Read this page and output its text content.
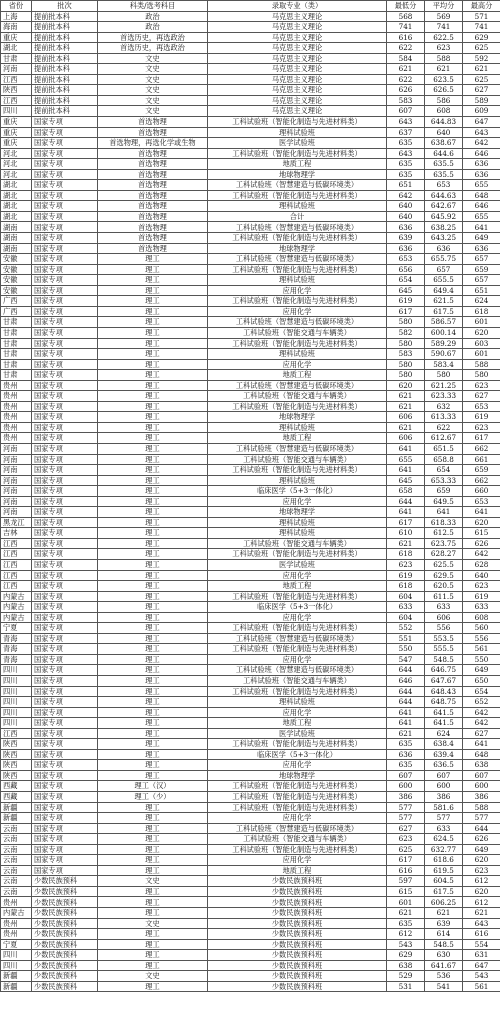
省份	批次	科类/选考科目	录取专业（类）	最低分	平均分	最高分
上海	提前批本科	政治	马克思主义理论	568	569	571
海南	提前批本科	政治	马克思主义理论	741	741	741
重庆	提前批本科	首选历史，再选政治	马克思主义理论	616	622.5	629
湖北	提前批本科	首选历史，再选政治	马克思主义理论	622	623	625
甘肃	提前批本科	文史	马克思主义理论	584	588	592
河南	提前批本科	文史	马克思主义理论	621	621	621
江西	提前批本科	文史	马克思主义理论	622	623.5	625
陕西	提前批本科	文史	马克思主义理论	626	626.5	627
江西	提前批本科	文史	马克思主义理论	583	586	589
四川	提前批本科	文史	马克思主义理论	607	608	609
重庆	国家专项	首选物理	工科试验班（智能化制造与先进材料类）	643	644.83	647
重庆	国家专项	首选物理	理科试验班	637	640	643
重庆	国家专项	首选物理，再选化学或生物	医学试验班	635	638.67	642
河北	国家专项	首选物理	工科试验班（智能化制造与先进材料类）	643	644.6	646
河北	国家专项	首选物理	地质工程	635	635.5	636
河北	国家专项	首选物理	地球物理学	635	635.5	636
湖北	国家专项	首选物理	工科试验班（智慧建造与低碳环境类）	651	653	655
湖北	国家专项	首选物理	工科试验班（智能化制造与先进材料类）	642	644.63	648
湖北	国家专项	首选物理	理科试验班	640	642.67	646
湖北	国家专项	首选物理	合计	640	645.92	655
湖南	国家专项	首选物理	工科试验班（智慧建造与低碳环境类）	636	638.25	641
湖南	国家专项	首选物理	工科试验班（智能化制造与先进材料类）	639	643.25	649
湖南	国家专项	首选物理	地球物理学	636	636	636
安徽	国家专项	理工	工科试验班（智慧建造与低碳环境类）	653	655.75	657
安徽	国家专项	理工	工科试验班（智能化制造与先进材料类）	656	657	659
安徽	国家专项	理工	理科试验班	654	655.5	657
安徽	国家专项	理工	应用化学	645	649.4	651
广西	国家专项	理工	工科试验班（智能化制造与先进材料类）	619	621.5	624
广西	国家专项	理工	应用化学	617	617.5	618
甘肃	国家专项	理工	工科试验班（智慧建造与低碳环境类）	580	586.57	601
甘肃	国家专项	理工	工科试验班（智能交通与车辆类）	582	600.14	620
甘肃	国家专项	理工	工科试验班（智能化制造与先进材料类）	580	589.29	603
甘肃	国家专项	理工	理科试验班	583	590.67	601
甘肃	国家专项	理工	应用化学	580	583.4	588
甘肃	国家专项	理工	地质工程	580	580	580
贵州	国家专项	理工	工科试验班（智慧建造与低碳环境类）	620	621.25	623
贵州	国家专项	理工	工科试验班（智能交通与车辆类）	621	623.33	627
贵州	国家专项	理工	工科试验班（智能化制造与先进材料类）	621	632	653
贵州	国家专项	理工	地球物理学	606	613.33	619
贵州	国家专项	理工	理科试验班	621	622	623
贵州	国家专项	理工	地质工程	606	612.67	617
河南	国家专项	理工	工科试验班（智慧建造与低碳环境类）	641	651.5	662
河南	国家专项	理工	工科试验班（智能交通与车辆类）	655	658.8	661
河南	国家专项	理工	工科试验班（智能化制造与先进材料类）	641	654	659
河南	国家专项	理工	理科试验班	645	653.33	662
河南	国家专项	理工	临床医学（5+3一体化）	658	659	660
河南	国家专项	理工	应用化学	644	649.5	653
河南	国家专项	理工	地球物理学	641	641	641
黑龙江	国家专项	理工	理科试验班	617	618.33	620
吉林	国家专项	理工	理科试验班	610	612.5	615
江西	国家专项	理工	工科试验班（智能交通与车辆类）	621	623.75	626
江西	国家专项	理工	工科试验班（智能化制造与先进材料类）	618	628.27	642
江西	国家专项	理工	医学试验班	623	625.5	628
江西	国家专项	理工	应用化学	619	629.5	640
江西	国家专项	理工	地质工程	618	620.5	623
内蒙古	国家专项	理工	工科试验班（智能化制造与先进材料类）	604	611.5	619
内蒙古	国家专项	理工	临床医学（5+3一体化）	633	633	633
内蒙古	国家专项	理工	应用化学	604	606	608
宁夏	国家专项	理工	工科试验班（智能化制造与先进材料类）	552	556	560
青海	国家专项	理工	工科试验班（智慧建造与低碳环境类）	551	553.5	556
青海	国家专项	理工	工科试验班（智能化制造与先进材料类）	550	555.5	561
青海	国家专项	理工	应用化学	547	548.5	550
四川	国家专项	理工	工科试验班（智慧建造与低碳环境类）	644	646.75	649
四川	国家专项	理工	工科试验班（智能交通与车辆类）	646	647.67	650
四川	国家专项	理工	工科试验班（智能化制造与先进材料类）	644	648.43	654
四川	国家专项	理工	理科试验班	644	648.75	652
四川	国家专项	理工	应用化学	641	641.5	642
四川	国家专项	理工	地质工程	641	641.5	642
江西	国家专项	理工	医学试验班	621	624	627
陕西	国家专项	理工	工科试验班（智能化制造与先进材料类）	635	638.4	641
陕西	国家专项	理工	临床医学（5+3一体化）	636	639.4	648
陕西	国家专项	理工	应用化学	635	636.5	638
陕西	国家专项	理工	地球物理学	607	607	607
西藏	国家专项	理工（汉）	工科试验班（智能化制造与先进材料类）	600	600	600
西藏	国家专项	理工（少）	工科试验班（智能化制造与先进材料类）	386	386	386
新疆	国家专项	理工	工科试验班（智能化制造与先进材料类）	577	581.6	588
新疆	国家专项	理工	应用化学	577	577	577
云南	国家专项	理工	工科试验班（智慧建造与低碳环境类）	627	633	644
云南	国家专项	理工	工科试验班（智能交通与车辆类）	623	624.5	626
云南	国家专项	理工	工科试验班（智能化制造与先进材料类）	625	632.77	649
云南	国家专项	理工	应用化学	617	618.6	620
云南	国家专项	理工	地质工程	616	619.5	623
云南	少数民族预科	文史	少数民族预科班	597	604.5	612
云南	少数民族预科	理工	少数民族预科班	615	617.5	620
贵州	少数民族预科	理工	少数民族预科班	601	606.25	612
内蒙古	少数民族预科	理工	少数民族预科班	621	621	621
贵州	少数民族预科	文史	少数民族预科班	635	639	643
贵州	少数民族预科	理工	少数民族预科班	612	614	616
宁夏	少数民族预科	理工	少数民族预科班	543	548.5	554
四川	少数民族预科	理工	少数民族预科班	629	630	631
四川	少数民族预科	理工	少数民族预科班	638	641.67	647
新疆	少数民族预科	文史	少数民族预科班	529	536	543
新疆	少数民族预科	理工	少数民族预科班	531	541	561
